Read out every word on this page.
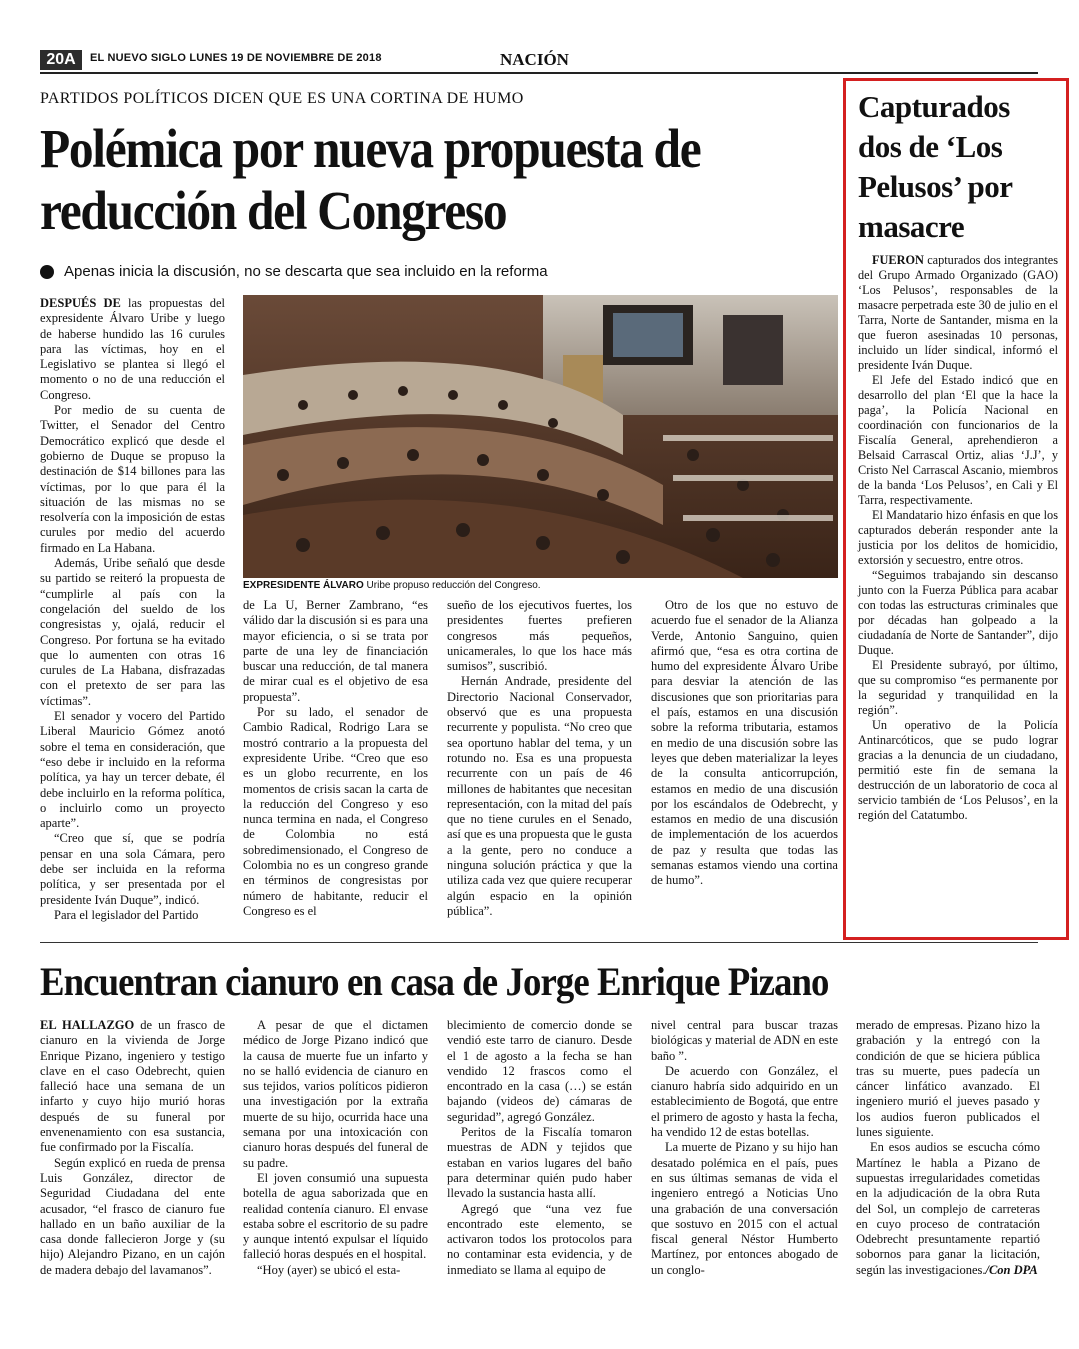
20A	EL NUEVO SIGLO LUNES 19 DE NOVIEMBRE DE 2018	NACIÓN
PARTIDOS POLÍTICOS DICEN QUE ES UNA CORTINA DE HUMO
Polémica por nueva propuesta de reducción del Congreso
Apenas inicia la discusión, no se descarta que sea incluido en la reforma

DESPUÉS DE las propuestas del expresidente Álvaro Uribe y luego de haberse hundido las 16 curules para las víctimas, hoy en el Legislativo se plantea si llegó el momento o no de una reducción el Congreso.

Por medio de su cuenta de Twitter, el Senador del Centro Democrático explicó que desde el gobierno de Duque se propuso la destinación de $14 billones para las víctimas, por lo que para él la situación de las mismas no se resolvería con la imposición de estas curules por medio del acuerdo firmado en La Habana.

Además, Uribe señaló que desde su partido se reiteró la propuesta de “cumplirle al país con la congelación del sueldo de los congresistas y, ojalá, reducir el Congreso. Por fortuna se ha evitado que lo aumenten con otras 16 curules de La Habana, disfrazadas con el pretexto de ser para las víctimas”.

El senador y vocero del Partido Liberal Mauricio Gómez anotó sobre el tema en consideración, que “eso debe ir incluido en la reforma política, ya hay un tercer debate, él debe incluirlo en la reforma política, o incluirlo como un proyecto aparte”.

“Creo que sí, que se podría pensar en una sola Cámara, pero debe ser incluida en la reforma política, y ser presentada por el presidente Iván Duque”, indicó.

Para el legislador del Partido

EXPRESIDENTE ÁLVARO Uribe propuso reducción del Congreso.

de La U, Berner Zambrano, “es válido dar la discusión si es para una mayor eficiencia, o si se trata por parte de una ley de financiación buscar una reducción, de tal manera de mirar cual es el objetivo de esa propuesta”.

Por su lado, el senador de Cambio Radical, Rodrigo Lara se mostró contrario a la propuesta del expresidente Uribe. “Creo que eso es un globo recurrente, en los momentos de crisis sacan la carta de la reducción del Congreso y eso nunca termina en nada, el Congreso de Colombia no está sobredimensionado, el Congreso de Colombia no es un congreso grande en términos de congresistas por número de habitante, reducir el Congreso es el

sueño de los ejecutivos fuertes, los presidentes fuertes prefieren congresos más pequeños, unicamerales, lo que los hace más sumisos”, suscribió.

Hernán Andrade, presidente del Directorio Nacional Conservador, observó que es una propuesta recurrente y populista. “No creo que sea oportuno hablar del tema, y un rotundo no. Esa es una propuesta recurrente con un país de 46 millones de habitantes que necesitan representación, con la mitad del país que no tiene curules en el Senado, así que es una propuesta que le gusta a la gente, pero no conduce a ninguna solución práctica y que la utiliza cada vez que quiere recuperar algún espacio en la opinión pública”.

Otro de los que no estuvo de acuerdo fue el senador de la Alianza Verde, Antonio Sanguino, quien afirmó que, “esa es otra cortina de humo del expresidente Álvaro Uribe para desviar la atención de las discusiones que son prioritarias para el país, estamos en una discusión sobre la reforma tributaria, estamos en medio de una discusión sobre las leyes que deben materializar la leyes de la consulta anticorrupción, estamos en medio de una discusión por los escándalos de Odebrecht, y estamos en medio de una discusión de implementación de los acuerdos de paz y resulta que todas las semanas estamos viendo una cortina de humo”.

Capturados dos de ‘Los Pelusos’ por masacre

FUERON capturados dos integrantes del Grupo Armado Organizado (GAO) ‘Los Pelusos’, responsables de la masacre perpetrada este 30 de julio en el Tarra, Norte de Santander, misma en la que fueron asesinadas 10 personas, incluido un líder sindical, informó el presidente Iván Duque.

El Jefe del Estado indicó que en desarrollo del plan ‘El que la hace la paga’, la Policía Nacional en coordinación con funcionarios de la Fiscalía General, aprehendieron a Belsaid Carrascal Ortiz, alias ‘J.J’, y Cristo Nel Carrascal Ascanio, miembros de la banda ‘Los Pelusos’, en Cali y El Tarra, respectivamente.

El Mandatario hizo énfasis en que los capturados deberán responder ante la justicia por los delitos de homicidio, extorsión y secuestro, entre otros.

“Seguimos trabajando sin descanso junto con la Fuerza Pública para acabar con todas las estructuras criminales que por décadas han golpeado a la ciudadanía de Norte de Santander”, dijo Duque.

El Presidente subrayó, por último, que su compromiso “es permanente por la seguridad y tranquilidad en la región”.

Un operativo de la Policía Antinarcóticos, que se pudo lograr gracias a la denuncia de un ciudadano, permitió este fin de semana la destrucción de un laboratorio de coca al servicio también de ‘Los Pelusos’, en la región del Catatumbo.

Encuentran cianuro en casa de Jorge Enrique Pizano

EL HALLAZGO de un frasco de cianuro en la vivienda de Jorge Enrique Pizano, ingeniero y testigo clave en el caso Odebrecht, quien falleció hace una semana de un infarto y cuyo hijo murió horas después de su funeral por envenenamiento con esa sustancia, fue confirmado por la Fiscalía.

Según explicó en rueda de prensa Luis González, director de Seguridad Ciudadana del ente acusador, “el frasco de cianuro fue hallado en un baño auxiliar de la casa donde fallecieron Jorge y (su hijo) Alejandro Pizano, en un cajón de madera debajo del lavamanos”.

A pesar de que el dictamen médico de Jorge Pizano indicó que la causa de muerte fue un infarto y no se halló evidencia de cianuro en sus tejidos, varios políticos pidieron una investigación por la extraña muerte de su hijo, ocurrida hace una semana por una intoxicación con cianuro horas después del funeral de su padre.

El joven consumió una supuesta botella de agua saborizada que en realidad contenía cianuro. El envase estaba sobre el escritorio de su padre y aunque intentó expulsar el líquido falleció horas después en el hospital.

“Hoy (ayer) se ubicó el esta-

blecimiento de comercio donde se vendió este tarro de cianuro. Desde el 1 de agosto a la fecha se han vendido 12 frascos como el encontrado en la casa (…) se están bajando (videos de) cámaras de seguridad”, agregó González.

Peritos de la Fiscalía tomaron muestras de ADN y tejidos que estaban en varios lugares del baño para determinar quién pudo haber llevado la sustancia hasta allí.

Agregó que “una vez fue encontrado este elemento, se activaron todos los protocolos para no contaminar esta evidencia, y de inmediato se llama al equipo de

nivel central para buscar trazas biológicas y material de ADN en este baño ”.

De acuerdo con González, el cianuro habría sido adquirido en un establecimiento de Bogotá, que entre el primero de agosto y hasta la fecha, ha vendido 12 de estas botellas.

La muerte de Pizano y su hijo han desatado polémica en el país, pues en sus últimas semanas de vida el ingeniero entregó a Noticias Uno una grabación de una conversación que sostuvo en 2015 con el actual fiscal general Néstor Humberto Martínez, por entonces abogado de un conglo-

merado de empresas. Pizano hizo la grabación y la entregó con la condición de que se hiciera pública tras su muerte, pues padecía un cáncer linfático avanzado. El ingeniero murió el jueves pasado y los audios fueron publicados el lunes siguiente.

En esos audios se escucha cómo Martínez le habla a Pizano de supuestas irregularidades cometidas en la adjudicación de la obra Ruta del Sol, un complejo de carreteras en cuyo proceso de contratación Odebrecht presuntamente repartió sobornos para ganar la licitación, según las investigaciones./Con DPA
